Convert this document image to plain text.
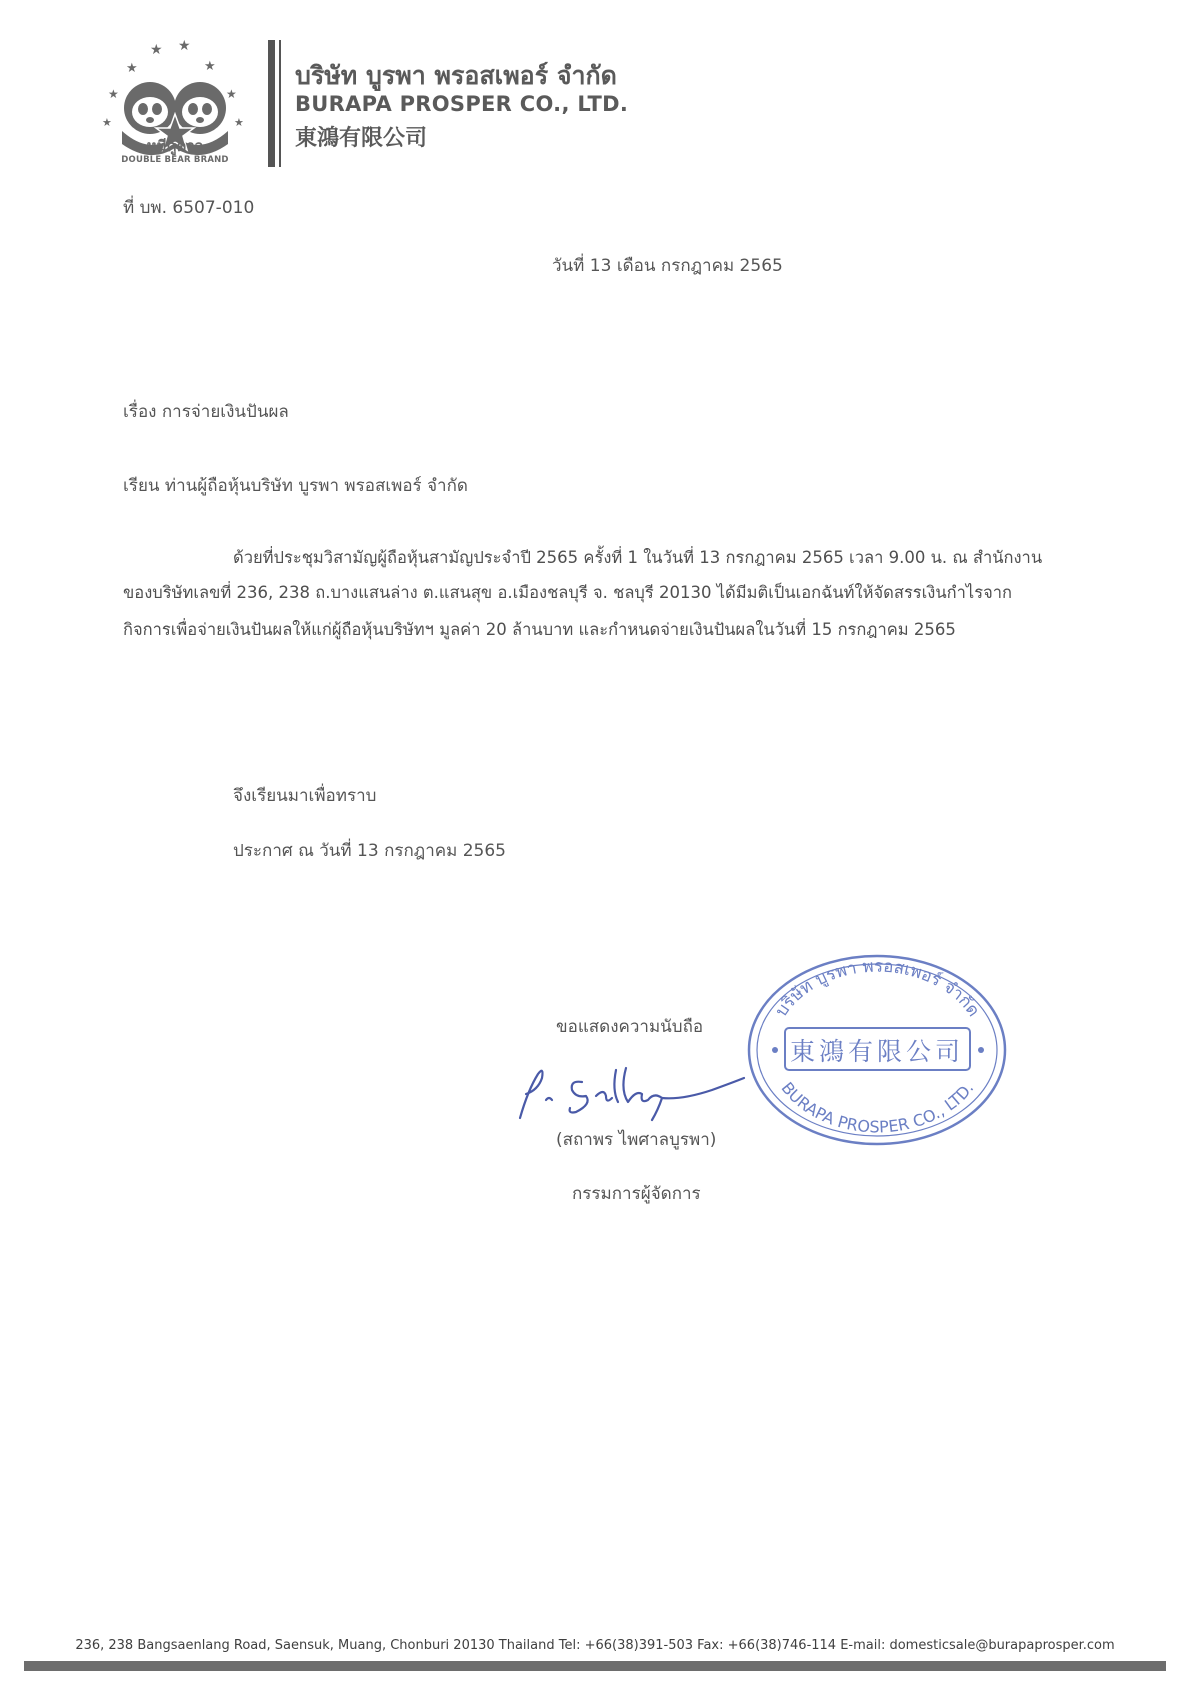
★ ★
★	★
★	★
★	★
หมีคู่ดาว
DOUBLE BEAR BRAND
บริษัท บูรพา พรอสเพอร์ จำกัด
BURAPA PROSPER CO., LTD.
東鴻有限公司
ที่ บพ. 6507-010
วันที่ 13 เดือน กรกฎาคม 2565
เรื่อง การจ่ายเงินปันผล
เรียน ท่านผู้ถือหุ้นบริษัท บูรพา พรอสเพอร์ จำกัด
ด้วยที่ประชุมวิสามัญผู้ถือหุ้นสามัญประจำปี 2565 ครั้งที่ 1 ในวันที่ 13 กรกฎาคม 2565 เวลา 9.00 น. ณ สำนักงาน
ของบริษัทเลขที่ 236, 238 ถ.บางแสนล่าง ต.แสนสุข อ.เมืองชลบุรี จ. ชลบุรี 20130 ได้มีมติเป็นเอกฉันท์ให้จัดสรรเงินกำไรจาก
กิจการเพื่อจ่ายเงินปันผลให้แก่ผู้ถือหุ้นบริษัทฯ มูลค่า 20 ล้านบาท และกำหนดจ่ายเงินปันผลในวันที่ 15 กรกฎาคม 2565
จึงเรียนมาเพื่อทราบ
ประกาศ ณ วันที่ 13 กรกฎาคม 2565
ขอแสดงความนับถือ
บริษัท บูรพา พรอสเพอร์ จำกัด
東鴻有限公司
BURAPA PROSPER CO., LTD.
(สถาพร ไพศาลบูรพา)
กรรมการผู้จัดการ
236, 238 Bangsaenlang Road, Saensuk, Muang, Chonburi 20130 Thailand Tel: +66(38)391-503 Fax: +66(38)746-114 E-mail: domesticsale@burapaprosper.com
